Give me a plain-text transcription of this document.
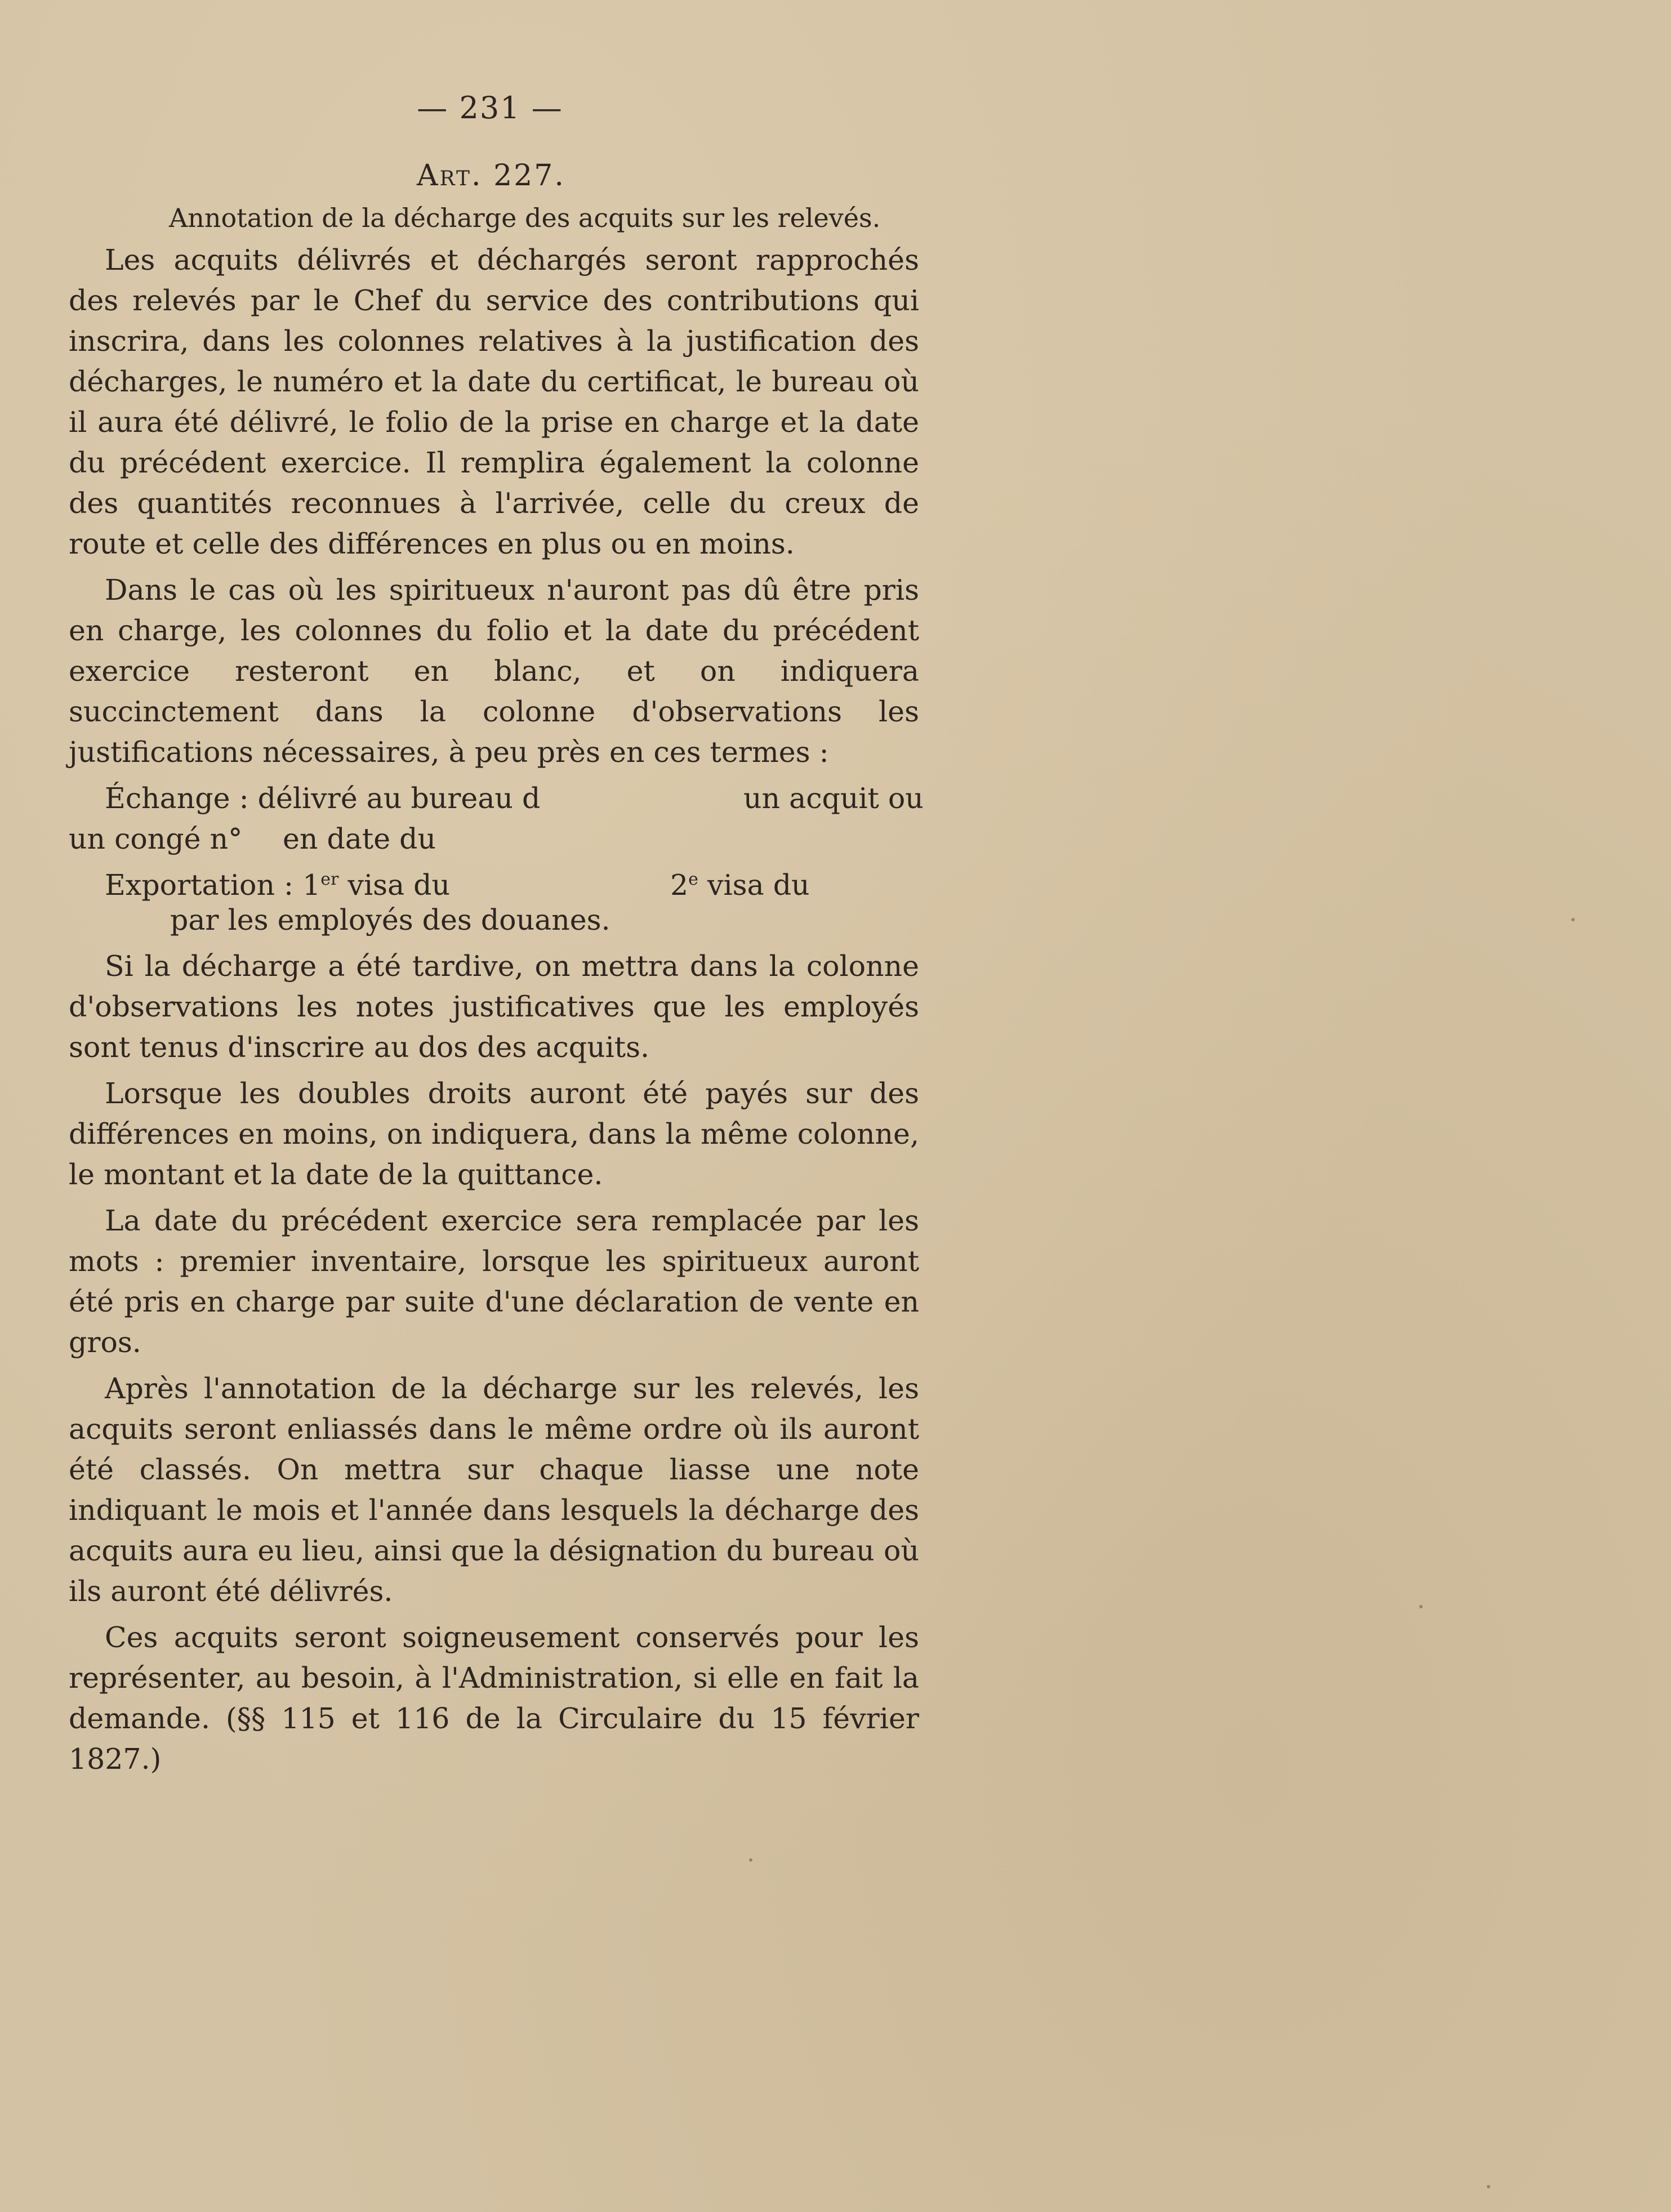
— 231 —
Art. 227.
Annotation de la décharge des acquits sur les relevés.

Les acquits délivrés et déchargés seront rapprochés des relevés par le Chef du service des contributions qui inscrira, dans les colonnes relatives à la justification des décharges, le numéro et la date du certificat, le bureau où il aura été délivré, le folio de la prise en charge et la date du précédent exercice. Il remplira également la colonne des quantités reconnues à l'arrivée, celle du creux de route et celle des différences en plus ou en moins.

Dans le cas où les spiritueux n'auront pas dû être pris en charge, les colonnes du folio et la date du précédent exercice resteront en blanc, et on indiquera succinctement dans la colonne d'observations les justifications nécessaires, à peu près en ces termes :

Échange : délivré au bureau d	un acquit ou
un congé n° en date du
Exportation : 1er visa du	2e visa du
par les employés des douanes.

Si la décharge a été tardive, on mettra dans la colonne d'observations les notes justificatives que les employés sont tenus d'inscrire au dos des acquits.

Lorsque les doubles droits auront été payés sur des différences en moins, on indiquera, dans la même colonne, le montant et la date de la quittance.

La date du précédent exercice sera remplacée par les mots : premier inventaire, lorsque les spiritueux auront été pris en charge par suite d'une déclaration de vente en gros.

Après l'annotation de la décharge sur les relevés, les acquits seront enliassés dans le même ordre où ils auront été classés. On mettra sur chaque liasse une note indiquant le mois et l'année dans lesquels la décharge des acquits aura eu lieu, ainsi que la désignation du bureau où ils auront été délivrés.

Ces acquits seront soigneusement conservés pour les représenter, au besoin, à l'Administration, si elle en fait la demande. (§§ 115 et 116 de la Circulaire du 15 février 1827.)
